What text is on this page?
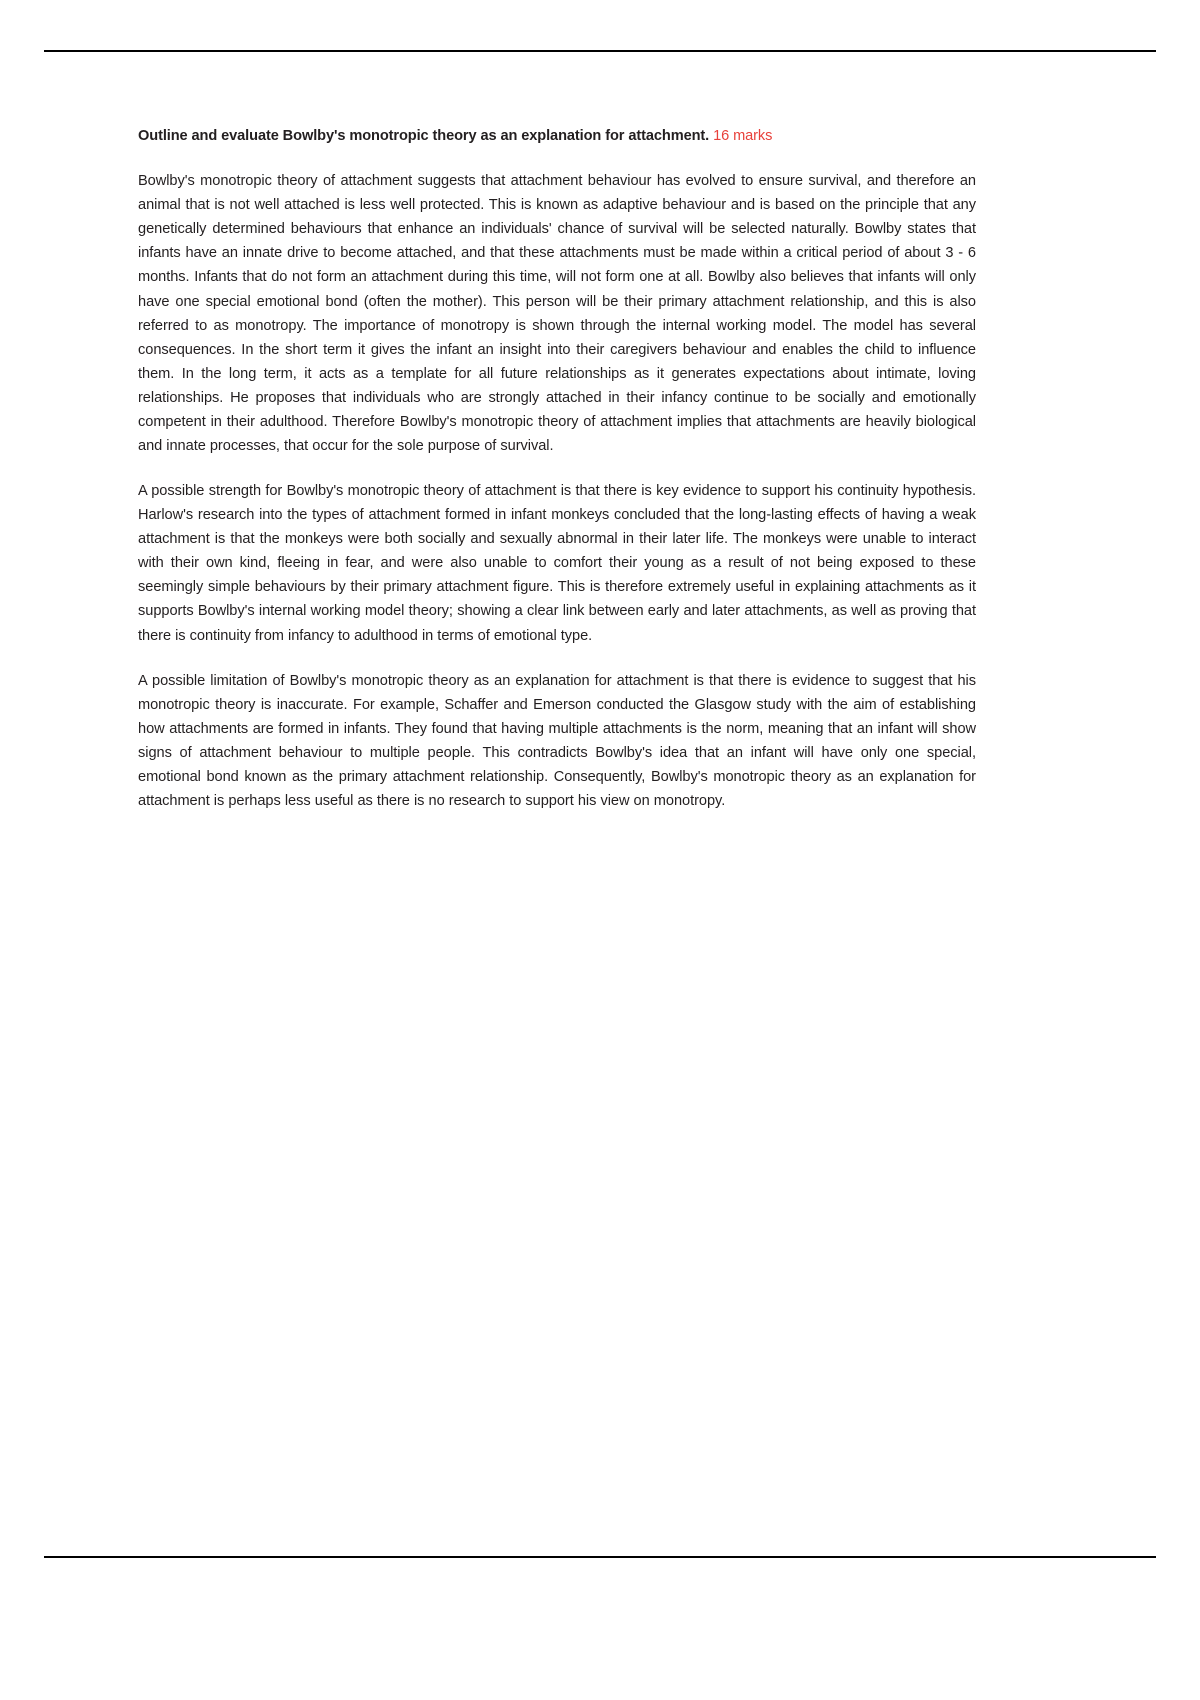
Outline and evaluate Bowlby's monotropic theory as an explanation for attachment. 16 marks

Bowlby's monotropic theory of attachment suggests that attachment behaviour has evolved to ensure survival, and therefore an animal that is not well attached is less well protected. This is known as adaptive behaviour and is based on the principle that any genetically determined behaviours that enhance an individuals' chance of survival will be selected naturally. Bowlby states that infants have an innate drive to become attached, and that these attachments must be made within a critical period of about 3 - 6 months. Infants that do not form an attachment during this time, will not form one at all. Bowlby also believes that infants will only have one special emotional bond (often the mother). This person will be their primary attachment relationship, and this is also referred to as monotropy. The importance of monotropy is shown through the internal working model. The model has several consequences. In the short term it gives the infant an insight into their caregivers behaviour and enables the child to influence them. In the long term, it acts as a template for all future relationships as it generates expectations about intimate, loving relationships. He proposes that individuals who are strongly attached in their infancy continue to be socially and emotionally competent in their adulthood. Therefore Bowlby's monotropic theory of attachment implies that attachments are heavily biological and innate processes, that occur for the sole purpose of survival.

A possible strength for Bowlby's monotropic theory of attachment is that there is key evidence to support his continuity hypothesis. Harlow's research into the types of attachment formed in infant monkeys concluded that the long-lasting effects of having a weak attachment is that the monkeys were both socially and sexually abnormal in their later life. The monkeys were unable to interact with their own kind, fleeing in fear, and were also unable to comfort their young as a result of not being exposed to these seemingly simple behaviours by their primary attachment figure. This is therefore extremely useful in explaining attachments as it supports Bowlby's internal working model theory; showing a clear link between early and later attachments, as well as proving that there is continuity from infancy to adulthood in terms of emotional type.

A possible limitation of Bowlby's monotropic theory as an explanation for attachment is that there is evidence to suggest that his monotropic theory is inaccurate. For example, Schaffer and Emerson conducted the Glasgow study with the aim of establishing how attachments are formed in infants. They found that having multiple attachments is the norm, meaning that an infant will show signs of attachment behaviour to multiple people. This contradicts Bowlby's idea that an infant will have only one special, emotional bond known as the primary attachment relationship. Consequently, Bowlby's monotropic theory as an explanation for attachment is perhaps less useful as there is no research to support his view on monotropy.
